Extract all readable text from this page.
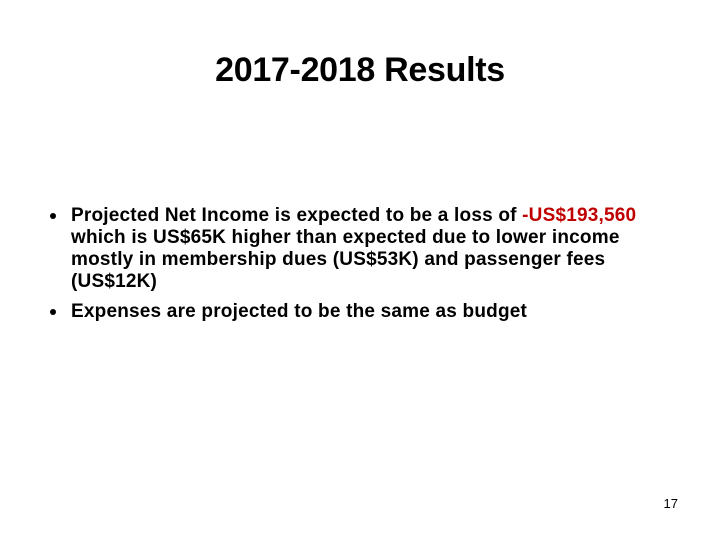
2017-2018 Results
Projected Net Income is expected to be a loss of -US$193,560 which is US$65K higher than expected due to lower income mostly in membership dues (US$53K) and passenger fees (US$12K)
Expenses are projected to be the same as budget
17
